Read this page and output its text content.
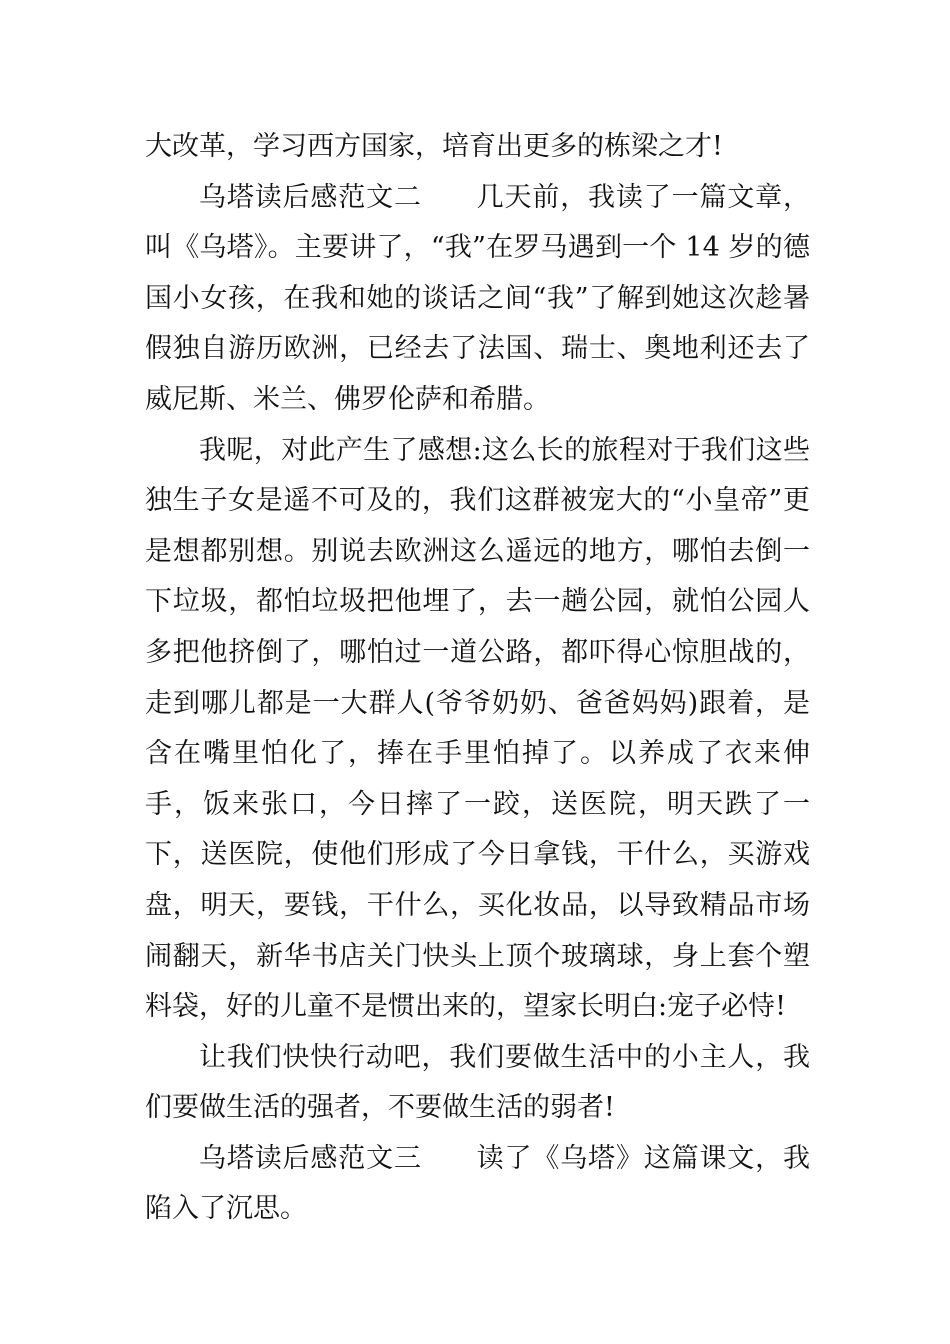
大改革，学习西方国家，培育出更多的栋梁之才!

乌塔读后感范文二 几天前，我读了一篇文章，叫《乌塔》。主要讲了，“我”在罗马遇到一个 14 岁的德国小女孩，在我和她的谈话之间“我”了解到她这次趁暑假独自游历欧洲，已经去了法国、瑞士、奥地利还去了威尼斯、米兰、佛罗伦萨和希腊。

我呢，对此产生了感想:这么长的旅程对于我们这些独生子女是遥不可及的，我们这群被宠大的“小皇帝”更是想都别想。别说去欧洲这么遥远的地方，哪怕去倒一下垃圾，都怕垃圾把他埋了，去一趟公园，就怕公园人多把他挤倒了，哪怕过一道公路，都吓得心惊胆战的，走到哪儿都是一大群人(爷爷奶奶、爸爸妈妈)跟着，是含在嘴里怕化了，捧在手里怕掉了。以养成了衣来伸手，饭来张口，今日摔了一跤，送医院，明天跌了一下，送医院，使他们形成了今日拿钱，干什么，买游戏盘，明天，要钱，干什么，买化妆品，以导致精品市场闹翻天，新华书店关门快头上顶个玻璃球，身上套个塑料袋，好的儿童不是惯出来的，望家长明白:宠子必恃!

让我们快快行动吧，我们要做生活中的小主人，我们要做生活的强者，不要做生活的弱者!

乌塔读后感范文三 读了《乌塔》这篇课文，我陷入了沉思。
